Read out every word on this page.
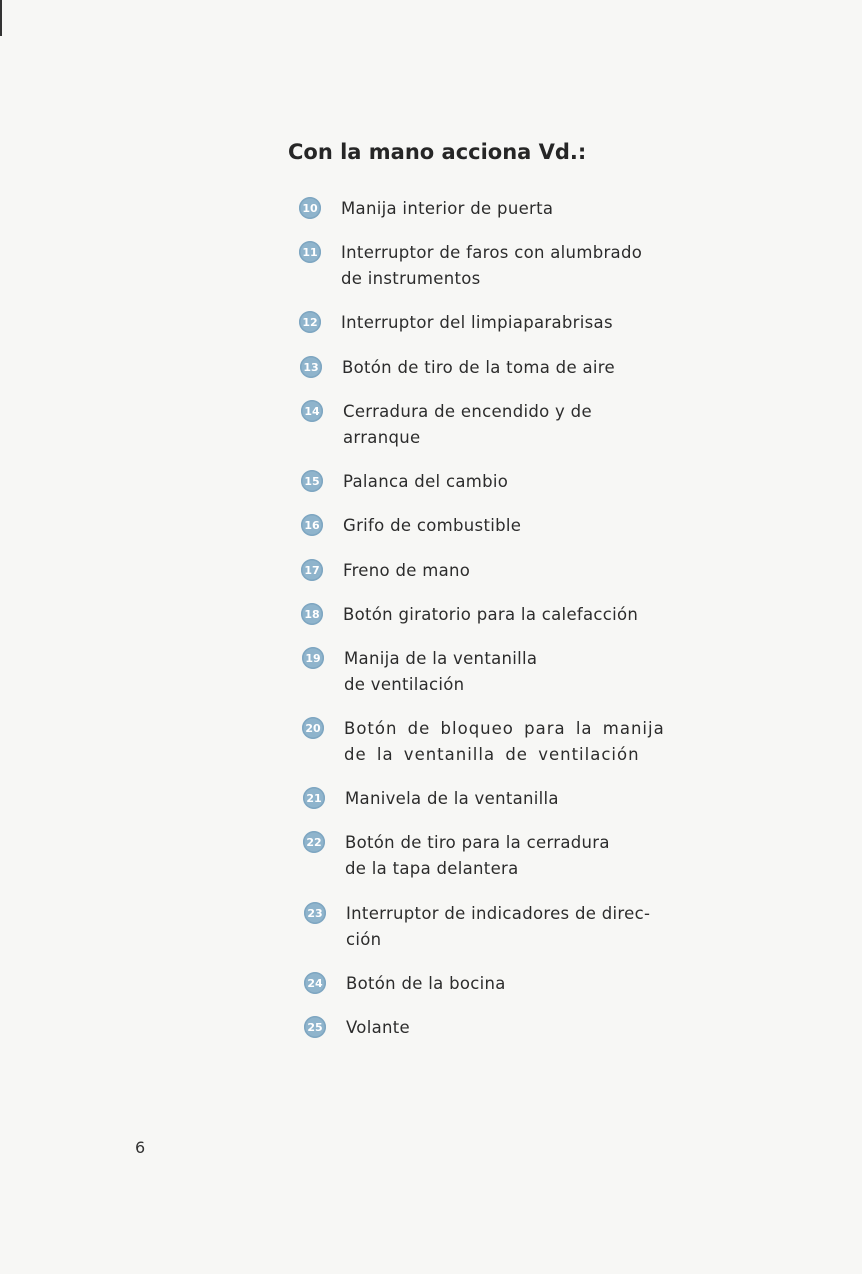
Con la mano acciona Vd.:
10 Manija interior de puerta
11 Interruptor de faros con alumbrado
de instrumentos
12 Interruptor del limpiaparabrisas
13 Botón de tiro de la toma de aire
14 Cerradura de encendido y de
arranque
15 Palanca del cambio
16 Grifo de combustible
17 Freno de mano
18 Botón giratorio para la calefacción
19 Manija de la ventanilla
de ventilación
20 Botón de bloqueo para la manija
de la ventanilla de ventilación
21 Manivela de la ventanilla
22 Botón de tiro para la cerradura
de la tapa delantera
23 Interruptor de indicadores de direc-
ción
24 Botón de la bocina
25 Volante
6
